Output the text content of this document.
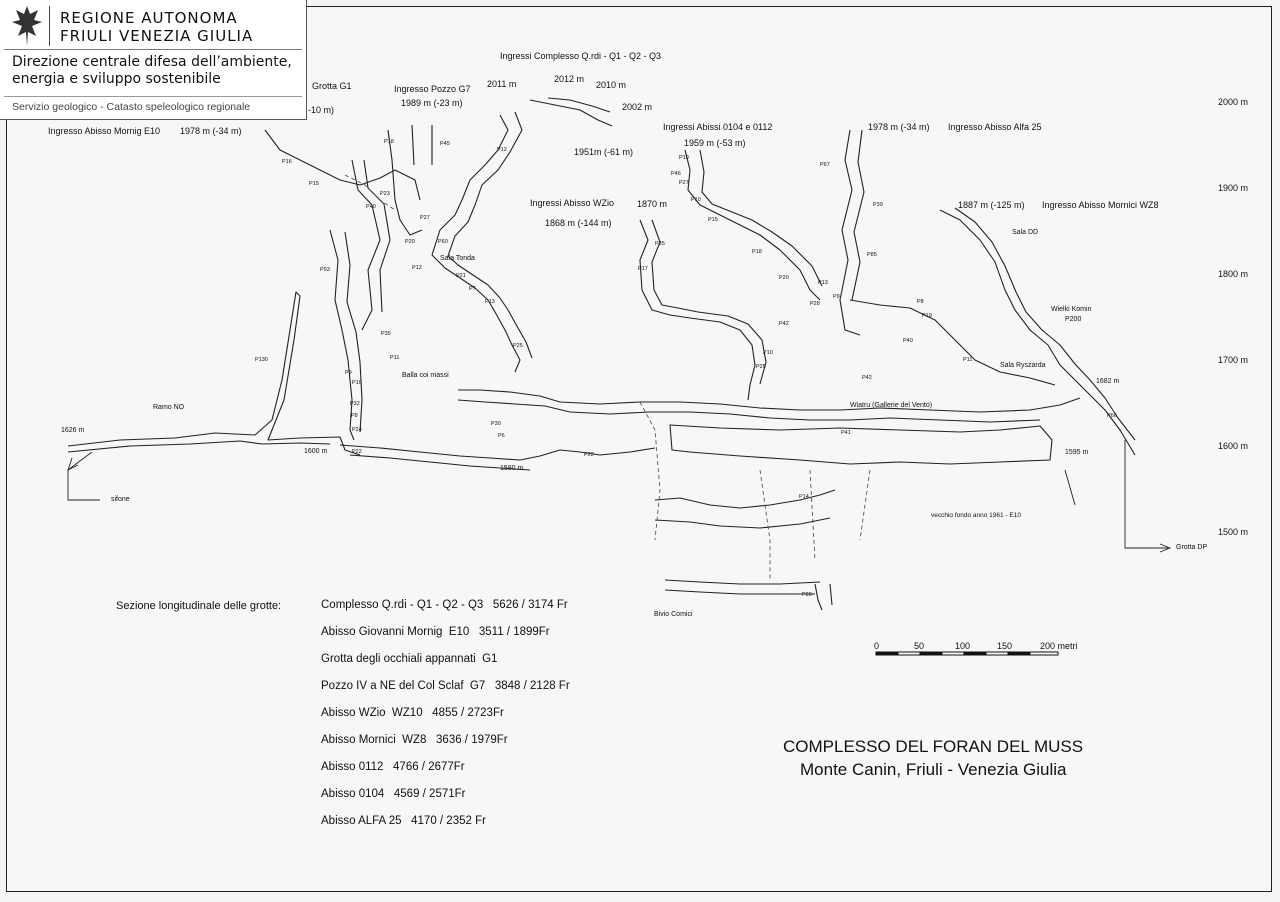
REGIONE AUTONOMA
FRIULI VENEZIA GIULIA
Direzione centrale difesa dell’ambiente,
energia e sviluppo sostenibile
Servizio geologico - Catasto speleologico regionale	2000 m
1900 m
1800 m
1700 m
1600 m
1500 m
Ingressi Complesso Q.rdi - Q1 - Q2 - Q3
Grotta G1	Ingresso Pozzo G7
1989 m (-23 m)
2011 m	2012 m
2010 m
2002 m
Ingresso Abisso Mornig E10 1978 m (-34 m)	Ingressi Abissi 0104 e 0112
1951m (-61 m)
1959 m (-53 m)
Ingressi Abisso WZio
1868 m (-144 m)
1870 m
1978 m (-34 m) Ingresso Abisso Alfa 25
1887 m (-125 m) Ingresso Abisso Mornici WZ8
-10 m)
Sala Tonda
Balla coi massi
Ramo NO
sifone
1626 m
1600 m
1580 m
Sala DD
Wielki Komin
P200
Sala Ryszarda
Wiatru (Gallerie del Vento)
1682 m
1595 m
vecchio fondo anno 1961 - E10
Grotta DP
Bivio Comici
P130
P93
P40
P35
P11
P32
P8
P24
P22
P9
P10
P18
P16
P15
P45
P27
P60
P20
P12
P21
P7
P13
P25
P30
P6
P35
P12
P46
P17
P19
P27
P10
P15
P18
P20
P13
P28
P42
P10
P25
P41
P67
P39
P85
P9
P8
P19
P40
P11
P42
P66
P14
P20
P22
P23
0	50	100	150	200 metri
Sezione longitudinale delle grotte:	Complesso Q.rdi - Q1 - Q2 - Q3   5626 / 3174 Fr
Abisso Giovanni Mornig  E10   3511 / 1899Fr
Grotta degli occhiali appannati  G1
Pozzo IV a NE del Col Sclaf  G7   3848 / 2128 Fr
Abisso WZio  WZ10   4855 / 2723Fr
Abisso Mornici  WZ8   3636 / 1979Fr
Abisso 0112   4766 / 2677Fr
Abisso 0104   4569 / 2571Fr
Abisso ALFA 25   4170 / 2352 Fr
COMPLESSO DEL FORAN DEL MUSS
Monte Canin, Friuli - Venezia Giulia
